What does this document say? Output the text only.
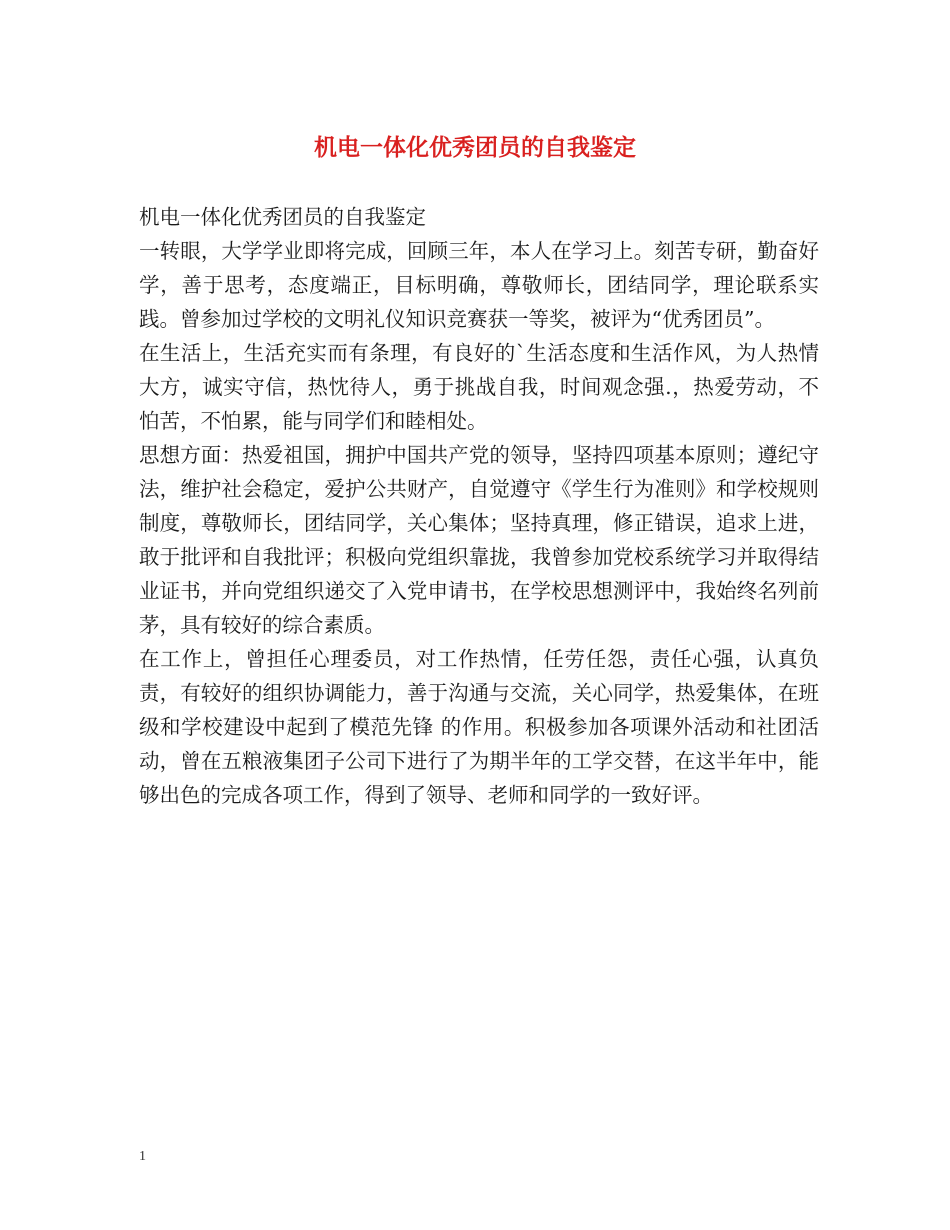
机电一体化优秀团员的自我鉴定

机电一体化优秀团员的自我鉴定

一转眼，大学学业即将完成，回顾三年，本人在学习上。刻苦专研，勤奋好学，善于思考，态度端正，目标明确，尊敬师长，团结同学，理论联系实践。曾参加过学校的文明礼仪知识竞赛获一等奖，被评为“优秀团员”。

在生活上，生活充实而有条理，有良好的`生活态度和生活作风，为人热情大方，诚实守信，热忱待人，勇于挑战自我，时间观念强.，热爱劳动，不怕苦，不怕累，能与同学们和睦相处。

思想方面：热爱祖国，拥护中国共产党的领导，坚持四项基本原则；遵纪守法，维护社会稳定，爱护公共财产，自觉遵守《学生行为准则》和学校规则制度，尊敬师长，团结同学，关心集体；坚持真理，修正错误，追求上进，敢于批评和自我批评；积极向党组织靠拢，我曾参加党校系统学习并取得结业证书，并向党组织递交了入党申请书，在学校思想测评中，我始终名列前茅，具有较好的综合素质。

在工作上，曾担任心理委员，对工作热情，任劳任怨，责任心强，认真负责，有较好的组织协调能力，善于沟通与交流，关心同学，热爱集体，在班级和学校建设中起到了模范先锋 的作用。积极参加各项课外活动和社团活动，曾在五粮液集团子公司下进行了为期半年的工学交替，在这半年中，能够出色的完成各项工作，得到了领导、老师和同学的一致好评。

1
